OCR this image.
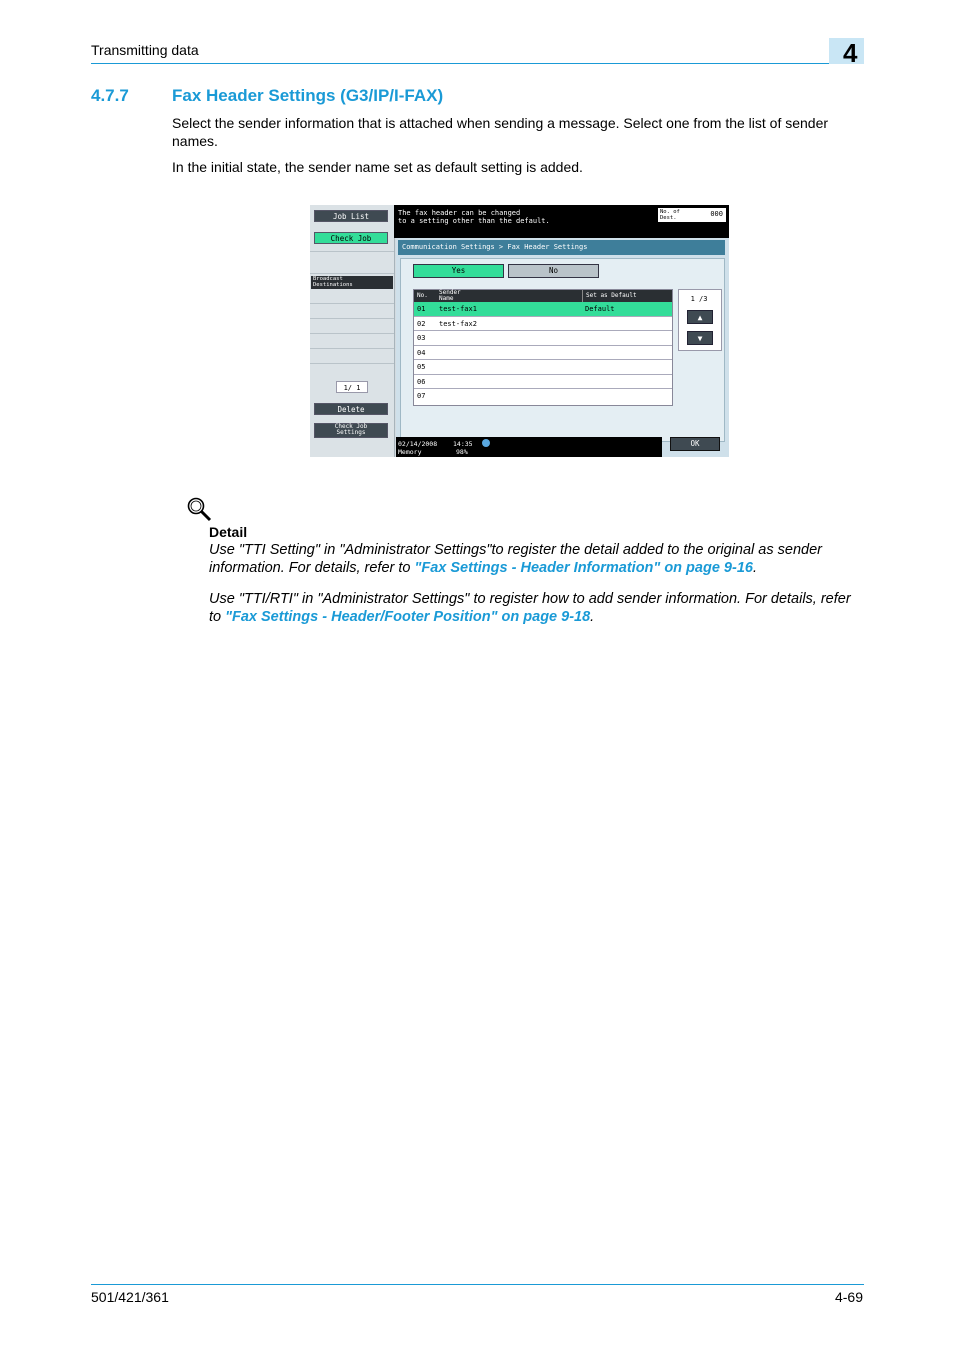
Transmitting data	4
4.7.7	Fax Header Settings (G3/IP/I-FAX)
Select the sender information that is attached when sending a message. Select one from the list of sender names.
In the initial state, the sender name set as default setting is added.
Job List
Check Job
Broadcast
Destinations
1/ 1
Delete
Check Job
Settings
The fax header can be changed
to a setting other than the default.
No. of
Dest.	000
Communication Settings > Fax Header Settings
Yes	No
No.	Sender
Name	Set as Default
01 test-fax1	Default
02 test-fax2
03
04
05
06
07
1 /3
▲
▼
02/14/2008 14:35
Memory	98%
OK
Detail
Use "TTI Setting" in "Administrator Settings"to register the detail added to the original as sender information. For details, refer to "Fax Settings - Header Information" on page 9-16.
Use "TTI/RTI" in "Administrator Settings" to register how to add sender information. For details, refer to "Fax Settings - Header/Footer Position" on page 9-18.
501/421/361	4-69
